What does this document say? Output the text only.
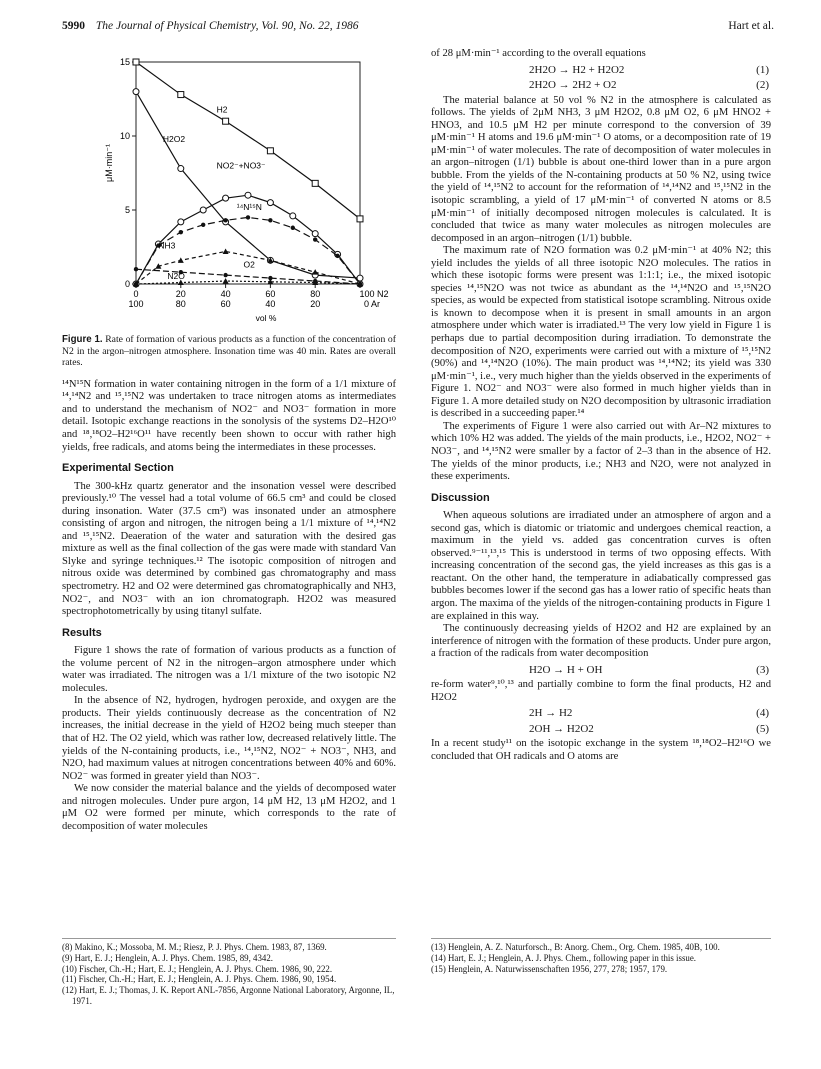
5990 The Journal of Physical Chemistry, Vol. 90, No. 22, 1986	Hart et al.
0
5
10
15
0
100
20
80
40
60
60
40
80
20
100 N2
0 Ar
vol %
μM·min⁻¹
H2
H2O2
NO2⁻+NO3⁻
¹⁴N¹⁵N
NH3
O2
N2O
Figure 1. Rate of formation of various products as a function of the concentration of N2 in the argon–nitrogen atmosphere. Insonation time was 40 min. Rates are overall rates.

¹⁴N¹⁵N formation in water containing nitrogen in the form of a 1/1 mixture of ¹⁴,¹⁴N2 and ¹⁵,¹⁵N2 was undertaken to trace nitrogen atoms as intermediates and to understand the mechanism of NO2⁻ and NO3⁻ formation in more detail. Isotopic exchange reactions in the sonolysis of the systems D2–H2O¹⁰ and ¹⁸,¹⁸O2–H2¹⁶O¹¹ have recently been shown to occur with rather high yields, free radicals, and atoms being the intermediates in these processes.

Experimental Section

The 300-kHz quartz generator and the insonation vessel were described previously.¹⁰ The vessel had a total volume of 66.5 cm³ and could be closed during insonation. Water (37.5 cm³) was insonated under an atmosphere consisting of argon and nitrogen, the nitrogen being a 1/1 mixture of ¹⁴,¹⁴N2 and ¹⁵,¹⁵N2. Deaeration of the water and saturation with the desired gas mixture as well as the final collection of the gas were made with standard Van Slyke and syringe techniques.¹² The isotopic composition of nitrogen and nitrous oxide was determined by combined gas chromatography and mass spectrometry. H2 and O2 were determined gas chromatographically and NH3, NO2⁻, and NO3⁻ with an ion chromatograph. H2O2 was measured spectrophotometrically by using titanyl sulfate.

Results

Figure 1 shows the rate of formation of various products as a function of the volume percent of N2 in the nitrogen–argon atmosphere under which water was irradiated. The nitrogen was a 1/1 mixture of the two isotopic N2 molecules.

In the absence of N2, hydrogen, hydrogen peroxide, and oxygen are the products. Their yields continuously decrease as the concentration of N2 increases, the initial decrease in the yield of H2O2 being much steeper than that of H2. The O2 yield, which was rather low, decreased relatively little. The yields of the N-containing products, i.e., ¹⁴,¹⁵N2, NO2⁻ + NO3⁻, NH3, and N2O, had maximum values at nitrogen concentrations between 40% and 60%. NO2⁻ was formed in greater yield than NO3⁻.

We now consider the material balance and the yields of decomposed water and nitrogen molecules. Under pure argon, 14 μM H2, 13 μM H2O2, and 1 μM O2 were formed per minute, which corresponds to the rate of decomposition of water molecules

of 28 μM·min⁻¹ according to the overall equations

2H2O → H2 + H2O2	(1)
2H2O → 2H2 + O2	(2)

The material balance at 50 vol % N2 in the atmosphere is calculated as follows. The yields of 2μM NH3, 3 μM H2O2, 0.8 μM O2, 6 μM HNO2 + HNO3, and 10.5 μM H2 per minute correspond to the conversion of 39 μM·min⁻¹ H atoms and 19.6 μM·min⁻¹ O atoms, or a decomposition rate of 19 μM·min⁻¹ of water molecules. The rate of decomposition of water molecules in an argon–nitrogen (1/1) bubble is about one-third lower than in a pure argon bubble. From the yields of the N-containing products at 50 % N2, using twice the yield of ¹⁴,¹⁵N2 to account for the reformation of ¹⁴,¹⁴N2 and ¹⁵,¹⁵N2 in the isotopic scrambling, a yield of 17 μM·min⁻¹ of converted N atoms or 8.5 μM·min⁻¹ of initially decomposed nitrogen molecules is calculated. It is concluded that twice as many water molecules as nitrogen molecules are decomposed in an argon–nitrogen (1/1) bubble.

The maximum rate of N2O formation was 0.2 μM·min⁻¹ at 40% N2; this yield includes the yields of all three isotopic N2O molecules. The ratios in which these isotopic forms were present was 1:1:1; i.e., the mixed isotopic species ¹⁴,¹⁵N2O was not twice as abundant as the ¹⁴,¹⁴N2O and ¹⁵,¹⁵N2O species, as would be expected from statistical isotope scrambling. Nitrous oxide is known to decompose when it is present in small amounts in an argon atmosphere under which water is irradiated.¹³ The very low yield in Figure 1 is perhaps due to partial decomposition during irradiation. To demonstrate the decomposition of N2O, experiments were carried out with a mixture of ¹⁵,¹⁵N2 (90%) and ¹⁴,¹⁴N2O (10%). The main product was ¹⁴,¹⁴N2; its yield was 330 μM·min⁻¹, i.e., very much higher than the yields observed in the experiments of Figure 1. NO2⁻ and NO3⁻ were also formed in much higher yields than in Figure 1. A more detailed study on N2O decomposition by ultrasonic irradiation is described in a succeeding paper.¹⁴

The experiments of Figure 1 were also carried out with Ar–N2 mixtures to which 10% H2 was added. The yields of the main products, i.e., H2O2, NO2⁻ + NO3⁻, and ¹⁴,¹⁵N2 were smaller by a factor of 2–3 than in the absence of H2. The yields of the minor products, i.e.; NH3 and N2O, were not analyzed in these experiments.

Discussion

When aqueous solutions are irradiated under an atmosphere of argon and a second gas, which is diatomic or triatomic and undergoes chemical reaction, a maximum in the yield vs. added gas concentration curves is often observed.⁹⁻¹¹,¹³,¹⁵ This is understood in terms of two opposing effects. With increasing concentration of the second gas, the yield increases as this gas is a reactant. On the other hand, the temperature in adiabatically compressed gas bubbles becomes lower if the second gas has a lower ratio of specific heats than argon. The maxima of the yields of the nitrogen-containing products in Figure 1 are explained in this way.

The continuously decreasing yields of H2O2 and H2 are explained by an interference of nitrogen with the formation of these products. Under pure argon, a fraction of the radicals from water decomposition

H2O → H + OH	(3)

re-form water⁹,¹⁰,¹³ and partially combine to form the final products, H2 and H2O2

2H → H2	(4)
2OH → H2O2	(5)

In a recent study¹¹ on the isotopic exchange in the system ¹⁸,¹⁸O2–H2¹⁶O we concluded that OH radicals and O atoms are

(8) Makino, K.; Mossoba, M. M.; Riesz, P. J. Phys. Chem. 1983, 87, 1369.
(9) Hart, E. J.; Henglein, A. J. Phys. Chem. 1985, 89, 4342.
(10) Fischer, Ch.-H.; Hart, E. J.; Henglein, A. J. Phys. Chem. 1986, 90, 222.
(11) Fischer, Ch.-H.; Hart, E. J.; Henglein, A. J. Phys. Chem. 1986, 90, 1954.
(12) Hart, E. J.; Thomas, J. K. Report ANL-7856, Argonne National Laboratory, Argonne, IL, 1971.
(13) Henglein, A. Z. Naturforsch., B: Anorg. Chem., Org. Chem. 1985, 40B, 100.
(14) Hart, E. J.; Henglein, A. J. Phys. Chem., following paper in this issue.
(15) Henglein, A. Naturwissenschaften 1956, 277, 278; 1957, 179.
